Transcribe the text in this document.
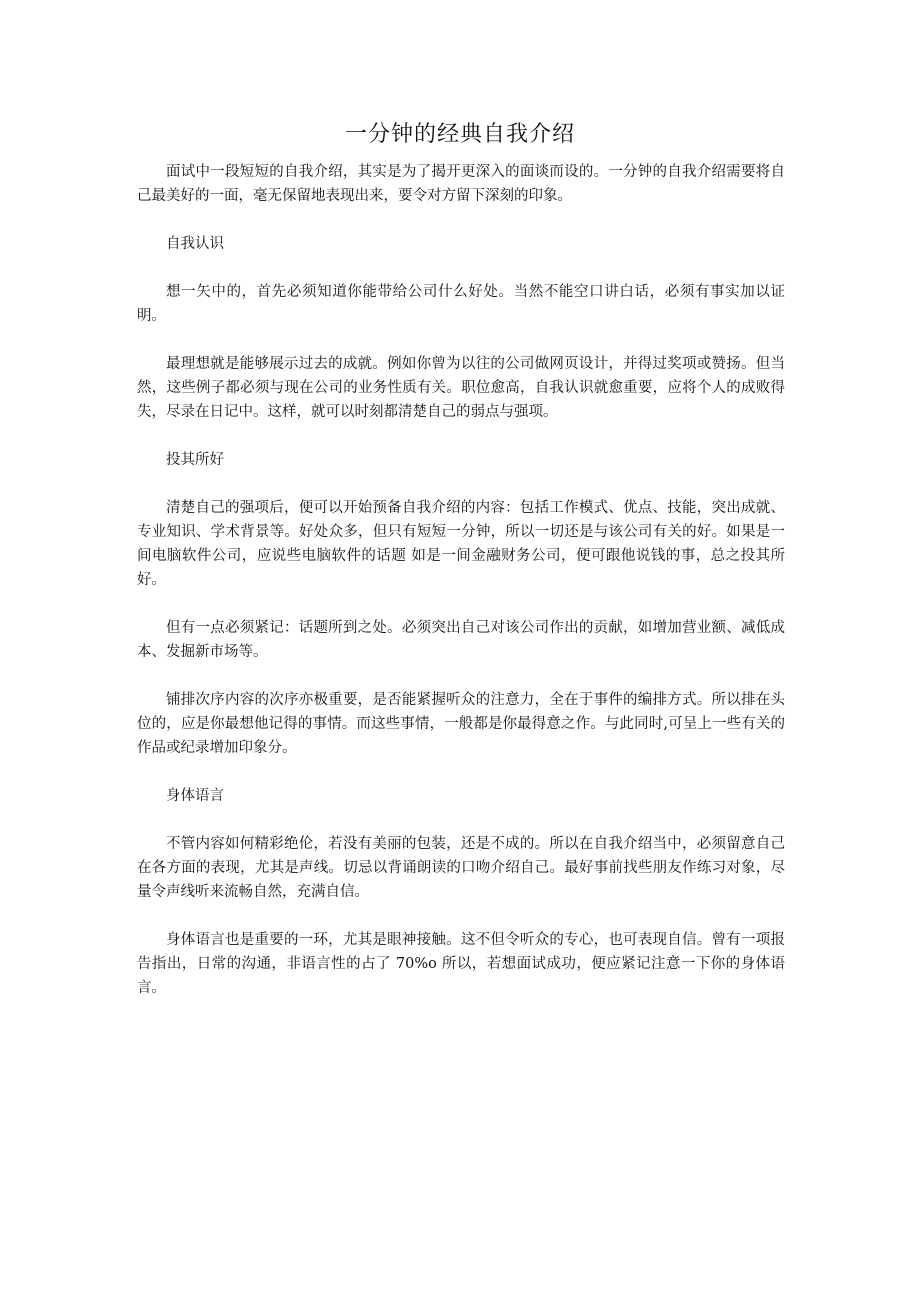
一分钟的经典自我介绍

面试中一段短短的自我介绍，其实是为了揭开更深入的面谈而设的。一分钟的自我介绍需要将自己最美好的一面，毫无保留地表现出来，要令对方留下深刻的印象。

自我认识

想一矢中的，首先必须知道你能带给公司什么好处。当然不能空口讲白话，必须有事实加以证明。

最理想就是能够展示过去的成就。例如你曾为以往的公司做网页设计，并得过奖项或赞扬。但当然，这些例子都必须与现在公司的业务性质有关。职位愈高，自我认识就愈重要，应将个人的成败得失，尽录在日记中。这样，就可以时刻都清楚自己的弱点与强项。

投其所好

清楚自己的强项后，便可以开始预备自我介绍的内容：包括工作模式、优点、技能，突出成就、专业知识、学术背景等。好处众多，但只有短短一分钟，所以一切还是与该公司有关的好。如果是一间电脑软件公司，应说些电脑软件的话题 如是一间金融财务公司，便可跟他说钱的事，总之投其所好。

但有一点必须紧记：话题所到之处。必须突出自己对该公司作出的贡献，如增加营业额、减低成本、发掘新市场等。

铺排次序内容的次序亦极重要，是否能紧握听众的注意力，全在于事件的编排方式。所以排在头位的，应是你最想他记得的事情。而这些事情，一般都是你最得意之作。与此同时,可呈上一些有关的作品或纪录增加印象分。

身体语言

不管内容如何精彩绝伦，若没有美丽的包装，还是不成的。所以在自我介绍当中，必须留意自己在各方面的表现，尤其是声线。切忌以背诵朗读的口吻介绍自己。最好事前找些朋友作练习对象，尽量令声线听来流畅自然，充满自信。

身体语言也是重要的一环，尤其是眼神接触。这不但令听众的专心，也可表现自信。曾有一项报告指出，日常的沟通，非语言性的占了 70%o 所以，若想面试成功，便应紧记注意一下你的身体语言。
